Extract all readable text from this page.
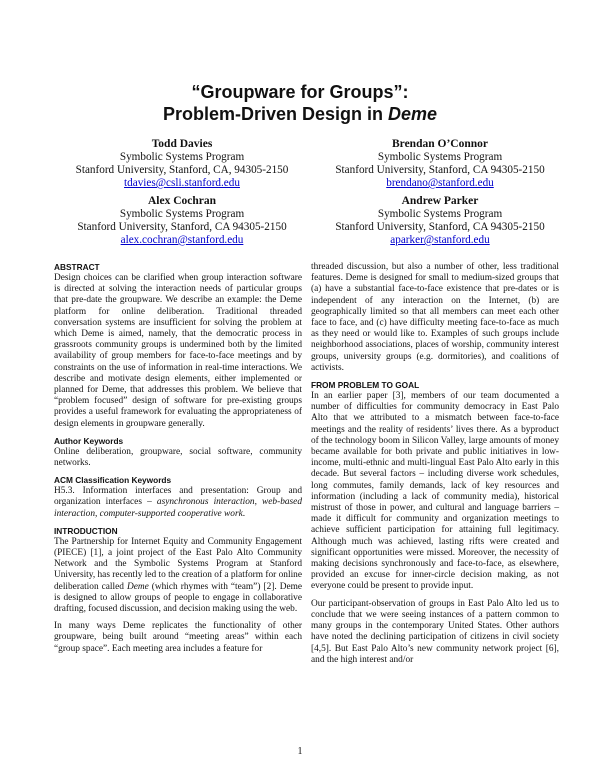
“Groupware for Groups”:
Problem-Driven Design in Deme
Todd Davies
Symbolic Systems Program
Stanford University, Stanford, CA, 94305-2150
tdavies@csli.stanford.edu
Brendan O’Connor
Symbolic Systems Program
Stanford University, Stanford, CA 94305-2150
brendano@stanford.edu
Alex Cochran
Symbolic Systems Program
Stanford University, Stanford, CA 94305-2150
alex.cochran@stanford.edu
Andrew Parker
Symbolic Systems Program
Stanford University, Stanford, CA 94305-2150
aparker@stanford.edu
ABSTRACT

Design choices can be clarified when group interaction software is directed at solving the interaction needs of particular groups that pre-date the groupware. We describe an example: the Deme platform for online deliberation. Traditional threaded conversation systems are insufficient for solving the problem at which Deme is aimed, namely, that the democratic process in grassroots community groups is undermined both by the limited availability of group members for face-to-face meetings and by constraints on the use of information in real-time interactions. We describe and motivate design elements, either implemented or planned for Deme, that addresses this problem. We believe that “problem focused” design of software for pre-existing groups provides a useful framework for evaluating the appropriateness of design elements in groupware generally.

Author Keywords

Online deliberation, groupware, social software, community networks.

ACM Classification Keywords

H5.3. Information interfaces and presentation: Group and organization interfaces – asynchronous interaction, web-based interaction, computer-supported cooperative work.

INTRODUCTION

The Partnership for Internet Equity and Community Engagement (PIECE) [1], a joint project of the East Palo Alto Community Network and the Symbolic Systems Program at Stanford University, has recently led to the creation of a platform for online deliberation called Deme (which rhymes with “team”) [2]. Deme is designed to allow groups of people to engage in collaborative drafting, focused discussion, and decision making using the web.

In many ways Deme replicates the functionality of other groupware, being built around “meeting areas” within each “group space”. Each meeting area includes a feature for

threaded discussion, but also a number of other, less traditional features. Deme is designed for small to medium-sized groups that (a) have a substantial face-to-face existence that pre-dates or is independent of any interaction on the Internet, (b) are geographically limited so that all members can meet each other face to face, and (c) have difficulty meeting face-to-face as much as they need or would like to. Examples of such groups include neighborhood associations, places of worship, community interest groups, university groups (e.g. dormitories), and coalitions of activists.

FROM PROBLEM TO GOAL

In an earlier paper [3], members of our team documented a number of difficulties for community democracy in East Palo Alto that we attributed to a mismatch between face-to-face meetings and the reality of residents’ lives there. As a byproduct of the technology boom in Silicon Valley, large amounts of money became available for both private and public initiatives in low-income, multi-ethnic and multi-lingual East Palo Alto early in this decade. But several factors – including diverse work schedules, long commutes, family demands, lack of key resources and information (including a lack of community media), historical mistrust of those in power, and cultural and language barriers – made it difficult for community and organization meetings to achieve sufficient participation for attaining full legitimacy. Although much was achieved, lasting rifts were created and significant opportunities were missed. Moreover, the necessity of making decisions synchronously and face-to-face, as elsewhere, provided an excuse for inner-circle decision making, as not everyone could be present to provide input.

Our participant-observation of groups in East Palo Alto led us to conclude that we were seeing instances of a pattern common to many groups in the contemporary United States. Other authors have noted the declining participation of citizens in civil society [4,5]. But East Palo Alto’s new community network project [6], and the high interest and/or

1
